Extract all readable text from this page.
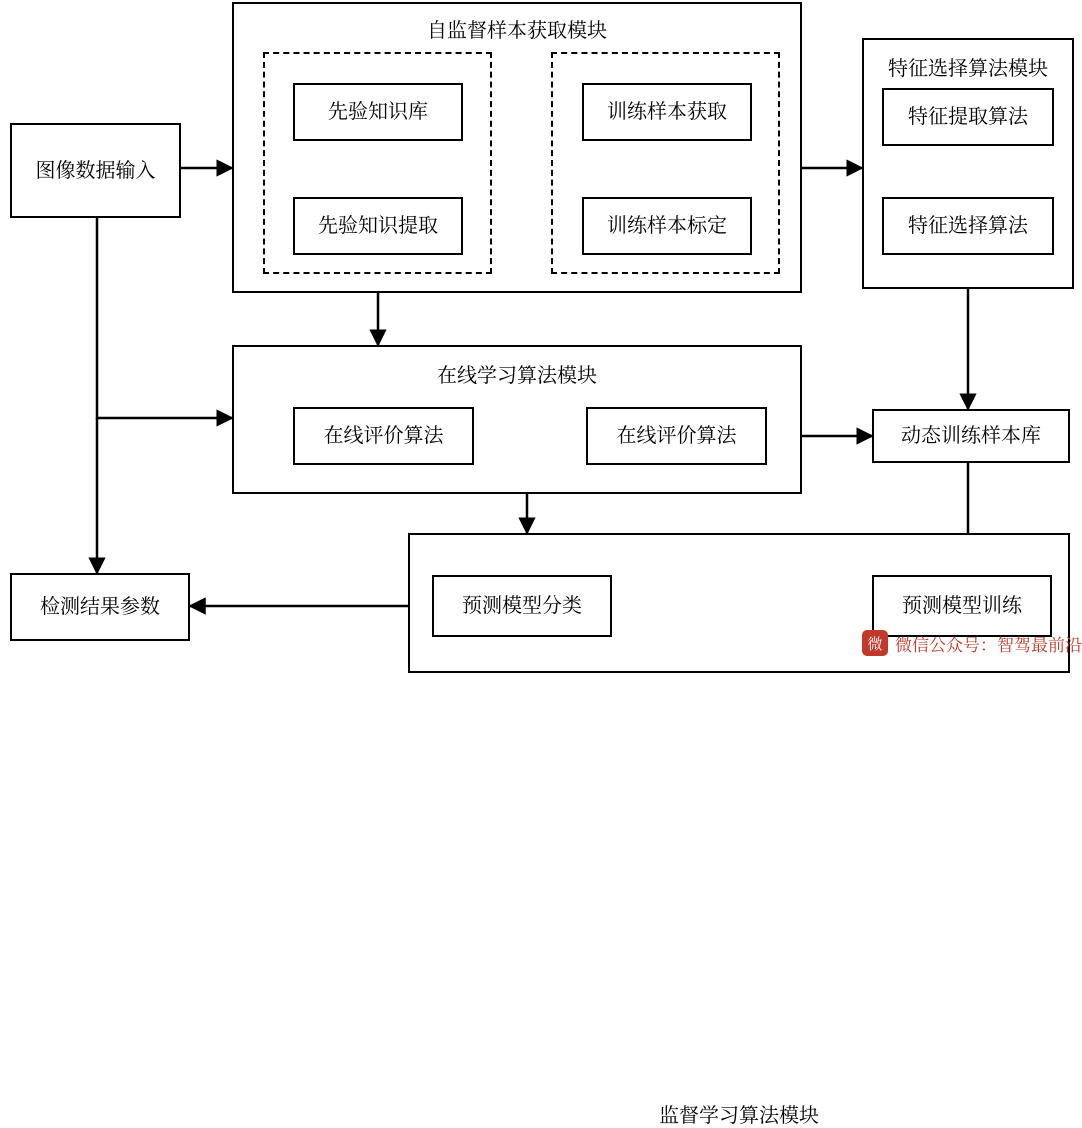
自监督样本获取模块
先验知识库
先验知识提取
训练样本获取
训练样本标定
特征选择算法模块
特征提取算法
特征选择算法
图像数据输入
在线学习算法模块
在线评价算法	在线评价算法	动态训练样本库
监督学习算法模块
预测模型分类	预测模型训练
检测结果参数
微 微信公众号：智驾最前沿
